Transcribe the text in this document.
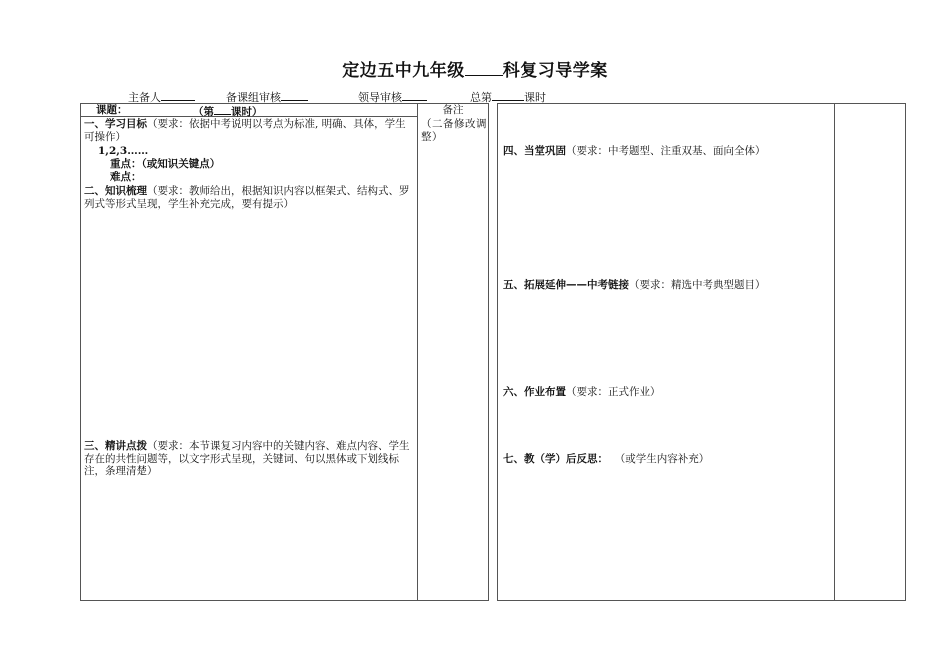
定边五中九年级 科复习导学案
主备人	备课组审核	领导审核	总第	课时
课题：	（第 课时）	备注
（二备修改调整）
一、学习目标（要求：依据中考说明以考点为标准, 明确、具体，学生可操作）
1,2,3……
重点：（或知识关键点）
难点：
二、知识梳理（要求：教师给出，根据知识内容以框架式、结构式、罗列式等形式呈现，学生补充完成，要有提示）
三、精讲点拨（要求：本节课复习内容中的关键内容、难点内容、学生存在的共性问题等，以文字形式呈现，关键词、句以黑体或下划线标注，条理清楚）
四、当堂巩固（要求：中考题型、注重双基、面向全体）
五、拓展延伸——中考链接（要求：精选中考典型题目）
六、作业布置（要求：正式作业）
七、教（学）后反思： （或学生内容补充）
